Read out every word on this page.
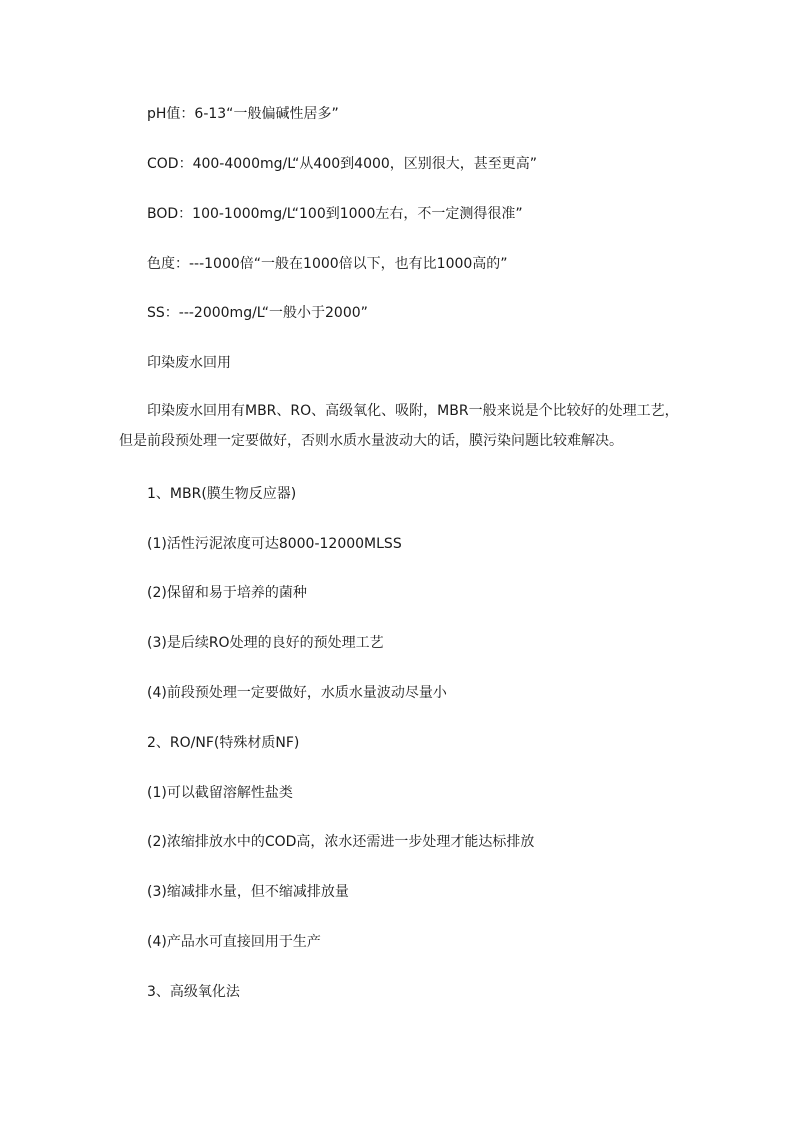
pH值：6-13“一般偏碱性居多”
COD：400-4000mg/L“从400到4000，区别很大，甚至更高”
BOD：100-1000mg/L“100到1000左右，不一定测得很准”
色度：---1000倍“一般在1000倍以下，也有比1000高的”
SS：---2000mg/L“一般小于2000”
印染废水回用
印染废水回用有MBR、RO、高级氧化、吸附，MBR一般来说是个比较好的处理工艺，但是前段预处理一定要做好，否则水质水量波动大的话，膜污染问题比较难解决。
1、MBR(膜生物反应器)
(1)活性污泥浓度可达8000-12000MLSS
(2)保留和易于培养的菌种
(3)是后续RO处理的良好的预处理工艺
(4)前段预处理一定要做好，水质水量波动尽量小
2、RO/NF(特殊材质NF)
(1)可以截留溶解性盐类
(2)浓缩排放水中的COD高，浓水还需进一步处理才能达标排放
(3)缩减排水量，但不缩减排放量
(4)产品水可直接回用于生产
3、高级氧化法
